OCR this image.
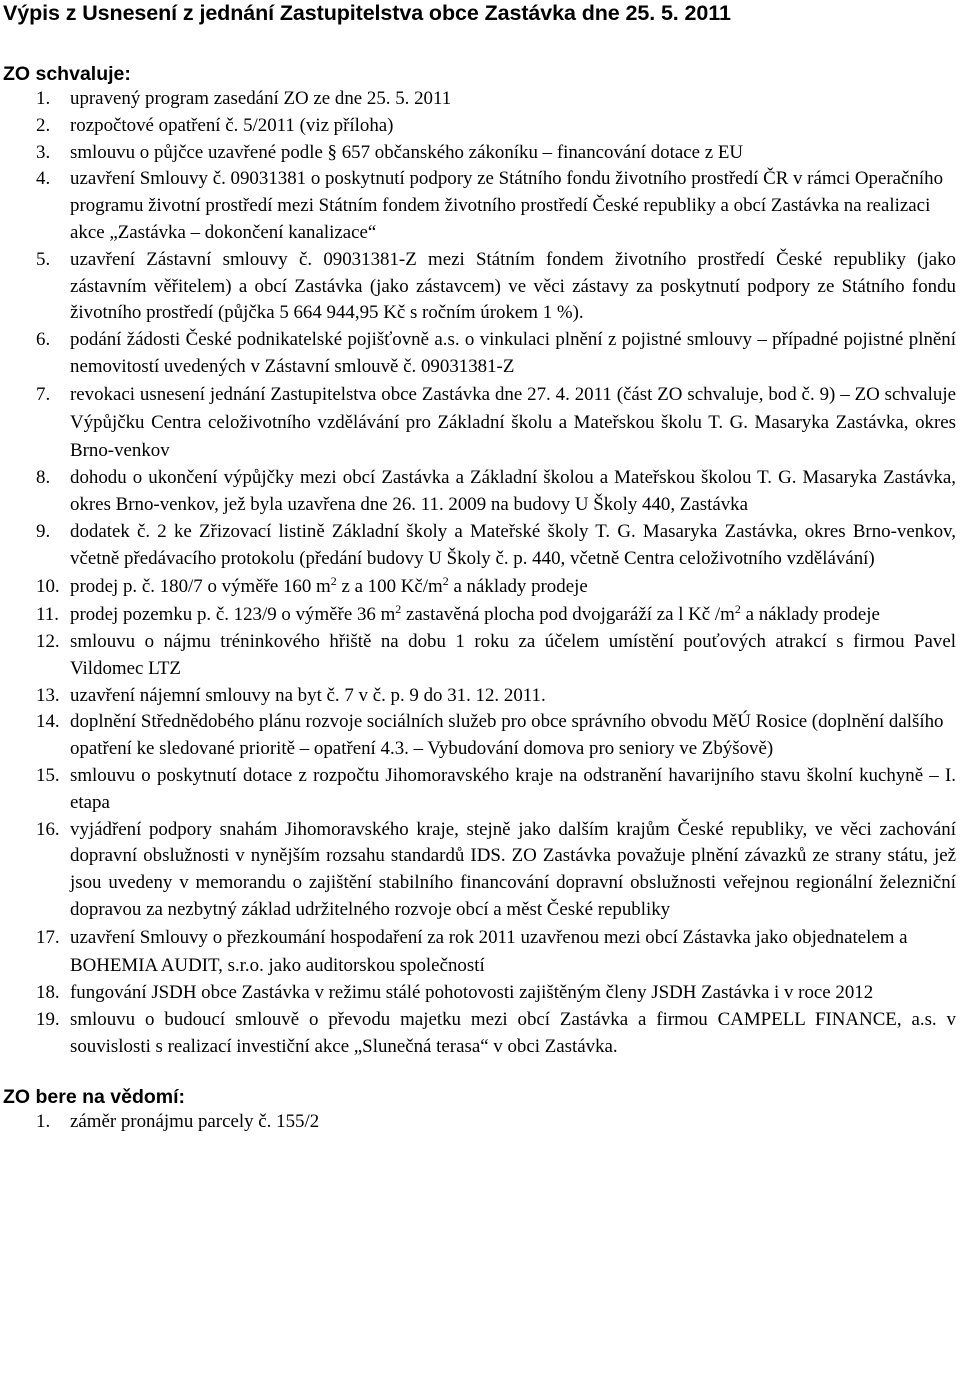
Výpis z Usnesení z jednání Zastupitelstva obce Zastávka dne 25. 5. 2011
ZO schvaluje:
1.	upravený program zasedání ZO ze dne 25. 5. 2011
2.	rozpočtové opatření č. 5/2011 (viz příloha)
3.	smlouvu o půjčce uzavřené podle § 657 občanského zákoníku – financování dotace z EU
4.	uzavření Smlouvy č. 09031381 o poskytnutí podpory ze Státního fondu životního prostředí ČR v rámci Operačního programu životní prostředí mezi Státním fondem životního prostředí České republiky a obcí Zastávka na realizaci akce „Zastávka – dokončení kanalizace“
5.	uzavření Zástavní smlouvy č. 09031381-Z mezi Státním fondem životního prostředí České republiky (jako zástavním věřitelem) a obcí Zastávka (jako zástavcem) ve věci zástavy za poskytnutí podpory ze Státního fondu životního prostředí (půjčka 5 664 944,95 Kč s ročním úrokem 1 %).
6.	podání žádosti České podnikatelské pojišťovně a.s. o vinkulaci plnění z pojistné smlouvy – případné pojistné plnění nemovitostí uvedených v Zástavní smlouvě č. 09031381-Z
7.	revokaci usnesení jednání Zastupitelstva obce Zastávka dne 27. 4. 2011 (část ZO schvaluje, bod č. 9) – ZO schvaluje Výpůjčku Centra celoživotního vzdělávání pro Základní školu a Mateřskou školu T. G. Masaryka Zastávka, okres Brno-venkov
8.	dohodu o ukončení výpůjčky mezi obcí Zastávka a Základní školou a Mateřskou školou T. G. Masaryka Zastávka, okres Brno-venkov, jež byla uzavřena dne 26. 11. 2009 na budovy U Školy 440, Zastávka
9.	dodatek č. 2 ke Zřizovací listině Základní školy a Mateřské školy T. G. Masaryka Zastávka, okres Brno-venkov, včetně předávacího protokolu (předání budovy U Školy č. p. 440, včetně Centra celoživotního vzdělávání)
10. prodej p. č. 180/7 o výměře 160 $m^2$ z a 100 $Kč/m^2$ a náklady prodeje
11. prodej pozemku p. č. 123/9 o výměře 36 $m^2$ zastavěná plocha pod dvojgaráží za l Kč $/m^2$ a náklady prodeje
12. smlouvu o nájmu tréninkového hřiště na dobu 1 roku za účelem umístění pouťových atrakcí s firmou Pavel Vildomec LTZ
13. uzavření nájemní smlouvy na byt č. 7 v č. p. 9 do 31. 12. 2011.
14. doplnění Střednědobého plánu rozvoje sociálních služeb pro obce správního obvodu MěÚ Rosice (doplnění dalšího opatření ke sledované prioritě – opatření 4.3. – Vybudování domova pro seniory ve Zbýšově)
15. smlouvu o poskytnutí dotace z rozpočtu Jihomoravského kraje na odstranění havarijního stavu školní kuchyně – I. etapa
16. vyjádření podpory snahám Jihomoravského kraje, stejně jako dalším krajům České republiky, ve věci zachování dopravní obslužnosti v nynějším rozsahu standardů IDS. ZO Zastávka považuje plnění závazků ze strany státu, jež jsou uvedeny v memorandu o zajištění stabilního financování dopravní obslužnosti veřejnou regionální železniční dopravou za nezbytný základ udržitelného rozvoje obcí a měst České republiky
17. uzavření Smlouvy o přezkoumání hospodaření za rok 2011 uzavřenou mezi obcí Zástavka jako objednatelem a BOHEMIA AUDIT, s.r.o. jako auditorskou společností
18. fungování JSDH obce Zastávka v režimu stálé pohotovosti zajištěným členy JSDH Zastávka i v roce 2012
19. smlouvu o budoucí smlouvě o převodu majetku mezi obcí Zastávka a firmou CAMPELL FINANCE, a.s. v souvislosti s realizací investiční akce „Slunečná terasa“ v obci Zastávka.
ZO bere na vědomí:
1.	záměr pronájmu parcely č. 155/2
